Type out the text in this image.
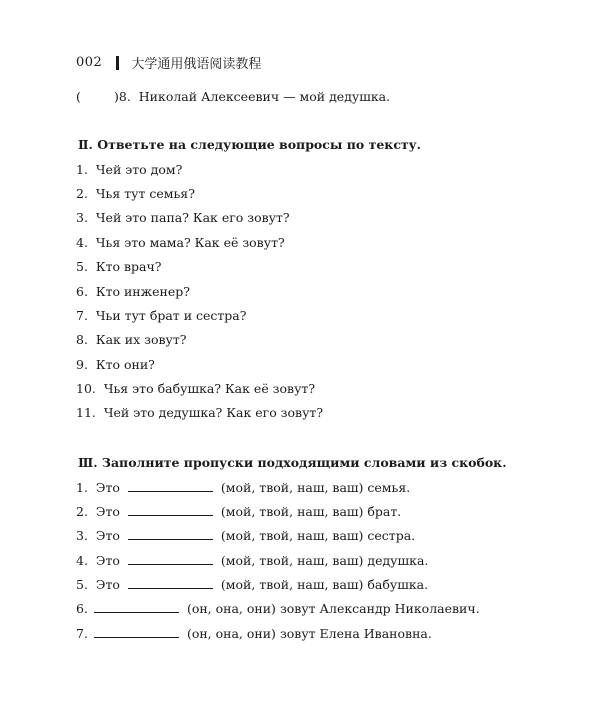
002 大学通用俄语阅读教程
(	)8. Николай Алексеевич — мой дедушка.
Ⅱ. Ответьте на следующие вопросы по тексту.
1. Чей это дом?
2. Чья тут семья?
3. Чей это папа? Как его зовут?
4. Чья это мама? Как её зовут?
5. Кто врач?
6. Кто инженер?
7. Чьи тут брат и сестра?
8. Как их зовут?
9. Кто они?
10. Чья это бабушка? Как её зовут?
11. Чей это дедушка? Как его зовут?
Ⅲ. Заполните пропуски подходящими словами из скобок.
1. Это	(мой, твой, наш, ваш) семья.
2. Это	(мой, твой, наш, ваш) брат.
3. Это	(мой, твой, наш, ваш) сестра.
4. Это	(мой, твой, наш, ваш) дедушка.
5. Это	(мой, твой, наш, ваш) бабушка.
6.	(он, она, они) зовут Александр Николаевич.
7.	(он, она, они) зовут Елена Ивановна.
